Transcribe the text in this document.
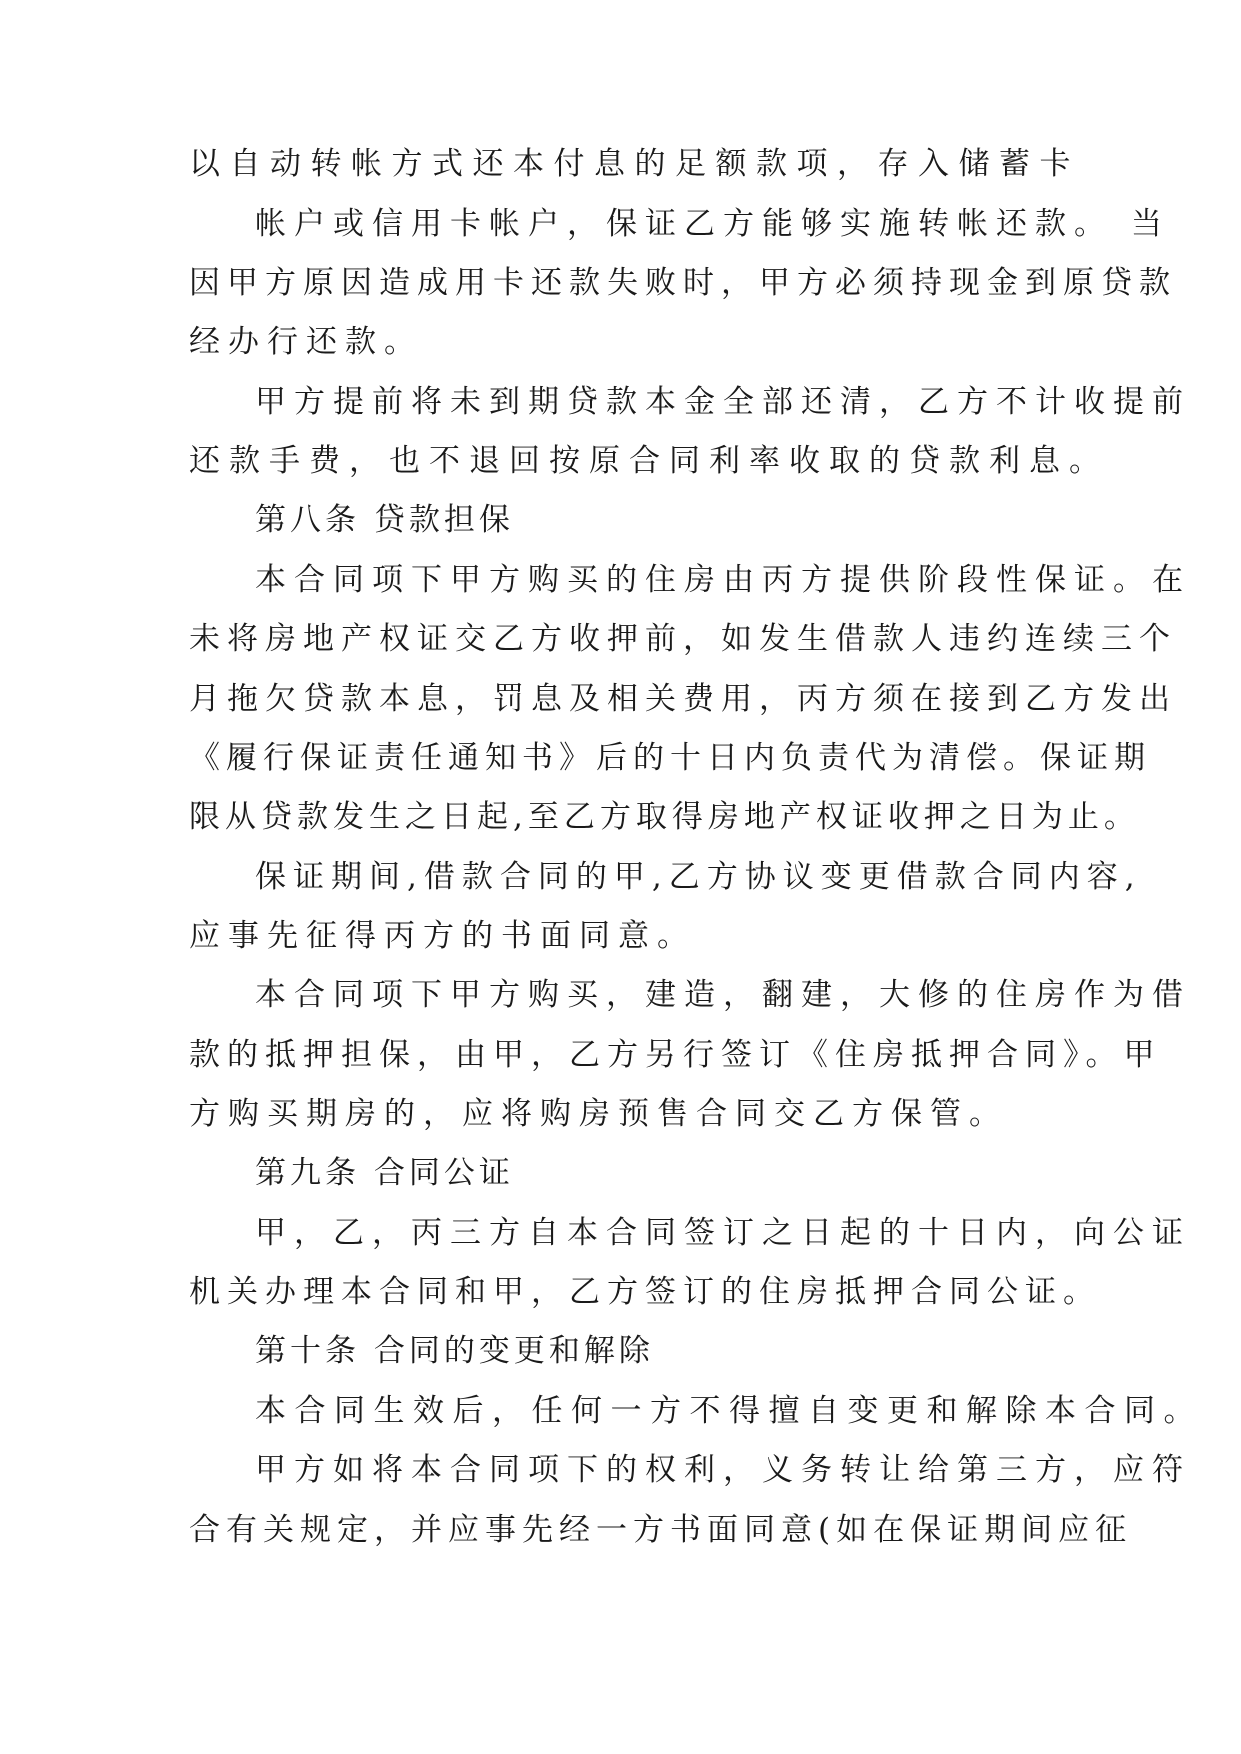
以自动转帐方式还本付息的足额款项，存入储蓄卡

帐户或信用卡帐户，保证乙方能够实施转帐还款。 当

因甲方原因造成用卡还款失败时，甲方必须持现金到原贷款

经办行还款。

甲方提前将未到期贷款本金全部还清，乙方不计收提前

还款手费，也不退回按原合同利率收取的贷款利息。

第八条 贷款担保

本合同项下甲方购买的住房由丙方提供阶段性保证。在

未将房地产权证交乙方收押前，如发生借款人违约连续三个

月拖欠贷款本息，罚息及相关费用，丙方须在接到乙方发出

《履行保证责任通知书》后的十日内负责代为清偿。保证期

限从贷款发生之日起,至乙方取得房地产权证收押之日为止。

保证期间,借款合同的甲,乙方协议变更借款合同内容,

应事先征得丙方的书面同意。

本合同项下甲方购买，建造，翻建，大修的住房作为借

款的抵押担保，由甲，乙方另行签订《住房抵押合同》。甲

方购买期房的，应将购房预售合同交乙方保管。

第九条 合同公证

甲，乙，丙三方自本合同签订之日起的十日内，向公证

机关办理本合同和甲，乙方签订的住房抵押合同公证。

第十条 合同的变更和解除

本合同生效后，任何一方不得擅自变更和解除本合同。

甲方如将本合同项下的权利，义务转让给第三方，应符

合有关规定，并应事先经一方书面同意(如在保证期间应征
